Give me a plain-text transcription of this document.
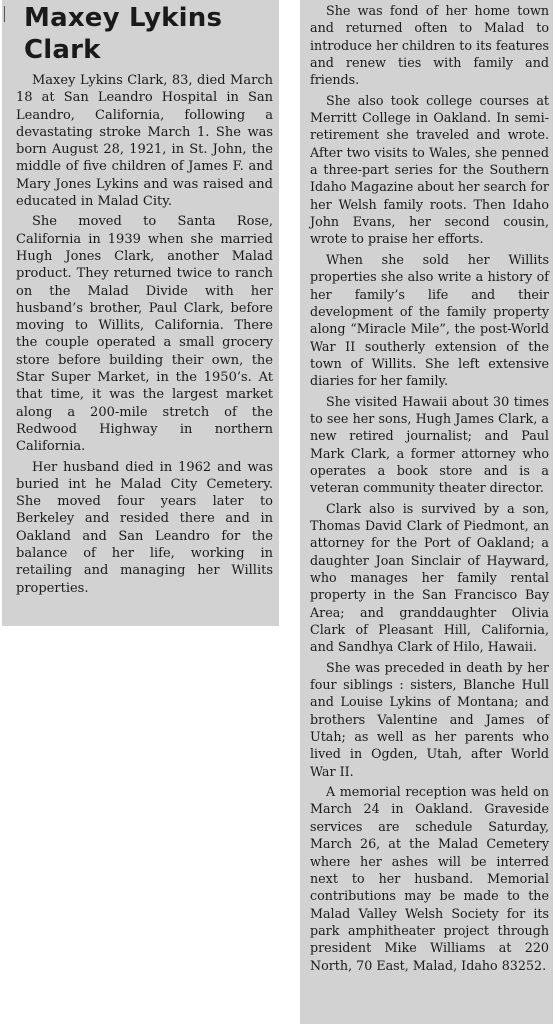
Maxey Lykins Clark

Maxey Lykins Clark, 83, died March 18 at San Leandro Hospital in San Leandro, California, following a devastating stroke March 1. She was born August 28, 1921, in St. John, the middle of five children of James F. and Mary Jones Lykins and was raised and educated in Malad City.

She moved to Santa Rose, California in 1939 when she married Hugh Jones Clark, another Malad product. They returned twice to ranch on the Malad Divide with her husband’s brother, Paul Clark, before moving to Willits, California. There the couple operated a small grocery store before building their own, the Star Super Market, in the 1950’s. At that time, it was the largest market along a 200-mile stretch of the Redwood Highway in northern California.

Her husband died in 1962 and was buried int he Malad City Cemetery. She moved four years later to Berkeley and resided there and in Oakland and San Leandro for the balance of her life, working in retailing and managing her Willits properties.

She was fond of her home town and returned often to Malad to introduce her children to its features and renew ties with family and friends.

She also took college courses at Merritt College in Oakland. In semi-retirement she traveled and wrote. After two visits to Wales, she penned a three-part series for the Southern Idaho Magazine about her search for her Welsh family roots. Then Idaho John Evans, her second cousin, wrote to praise her efforts.

When she sold her Willits properties she also write a history of her family’s life and their development of the family property along “Miracle Mile”, the post-World War II southerly extension of the town of Willits. She left extensive diaries for her family.

She visited Hawaii about 30 times to see her sons, Hugh James Clark, a new retired journalist; and Paul Mark Clark, a former attorney who operates a book store and is a veteran community theater director.

Clark also is survived by a son, Thomas David Clark of Piedmont, an attorney for the Port of Oakland; a daughter Joan Sinclair of Hayward, who manages her family rental property in the San Francisco Bay Area; and granddaughter Olivia Clark of Pleasant Hill, California, and Sandhya Clark of Hilo, Hawaii.

She was preceded in death by her four siblings : sisters, Blanche Hull and Louise Lykins of Montana; and brothers Valentine and James of Utah; as well as her parents who lived in Ogden, Utah, after World War II.

A memorial reception was held on March 24 in Oakland. Graveside services are schedule Saturday, March 26, at the Malad Cemetery where her ashes will be interred next to her husband. Memorial contributions may be made to the Malad Valley Welsh Society for its park amphitheater project through president Mike Williams at 220 North, 70 East, Malad, Idaho 83252.
